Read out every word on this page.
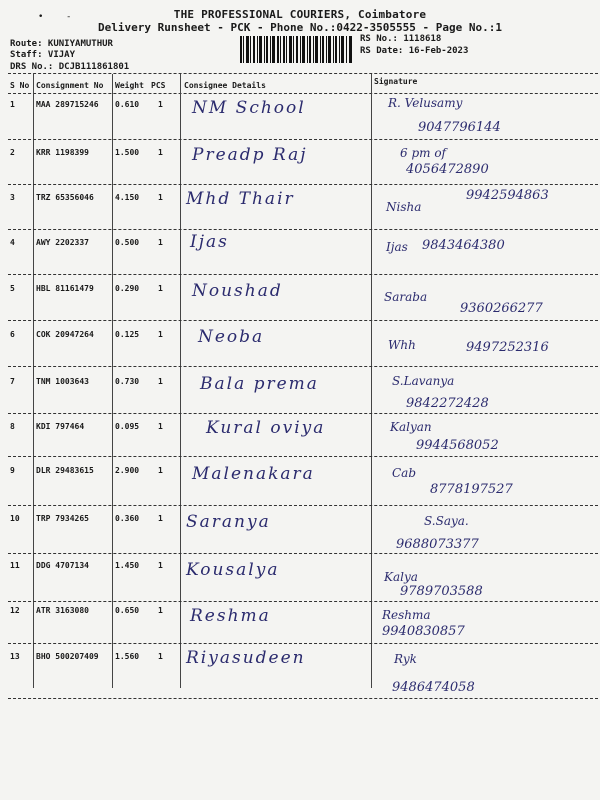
•	-	THE PROFESSIONAL COURIERS, Coimbatore
Delivery Runsheet - PCK - Phone No.:0422-3505555 - Page No.:1
Route: KUNIYAMUTHUR
Staff: VIJAY
DRS No.: DCJB111861801
RS No.: 1118618
RS Date: 16-Feb-2023
S No Consignment No Weight PCS Consignee Details	Signature
1	MAA 289715246 0.610 1 NM School	R. Velusamy
9047796144
2	KRR 1198399	1.500 1 Preadp Raj	6 pm of
4056472890
3	TRZ 65356046	4.150 1 Mhd Thair	Nisha
9942594863
4	AWY 2202337	0.500 1 Ijas	Ijas 9843464380
5	HBL 81161479	0.290 1 Noushad	Saraba
9360266277
6	COK 20947264	0.125 1 Neoba	Whh	9497252316
7	TNM 1003643	0.730 1 Bala prema	S.Lavanya
9842272428
8	KDI 797464	0.095 1	Kural oviya	Kalyan
9944568052
9	DLR 29483615	2.900 1 Malenakara	Cab
8778197527
10 TRP 7934265	0.360 1 Saranya	S.Saya.
9688073377
11 DDG 4707134	1.450 1 Kousalya	Kalya
9789703588
12 ATR 3163080	0.650 1 Reshma	Reshma
9940830857
13 BHO 500207409 1.560 1 Riyasudeen	Ryk
9486474058
